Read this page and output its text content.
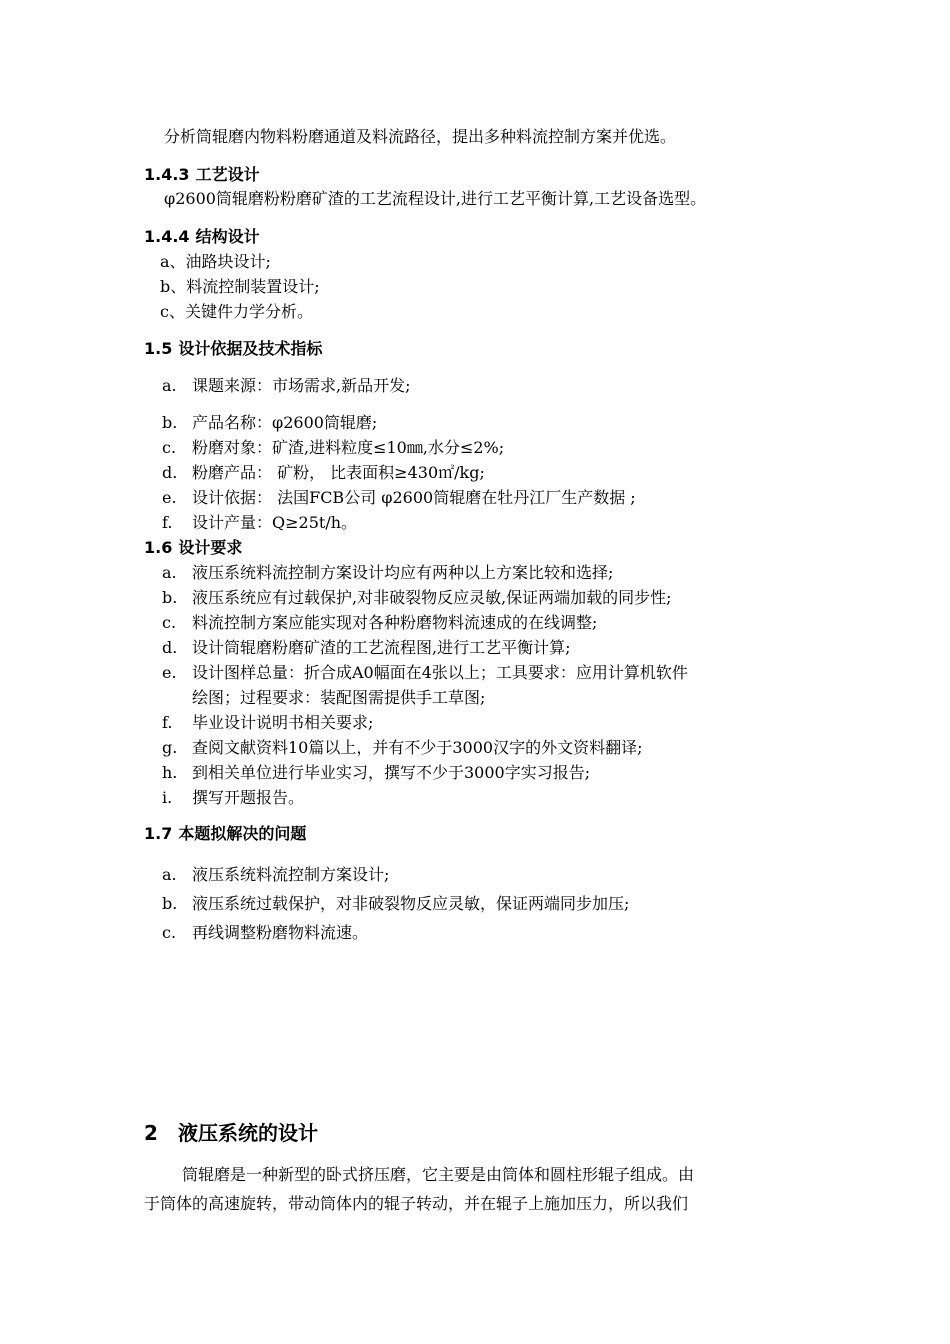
分析筒辊磨内物料粉磨通道及料流路径，提出多种料流控制方案并优选。
1.4.3 工艺设计
φ2600筒辊磨粉粉磨矿渣的工艺流程设计,进行工艺平衡计算,工艺设备选型。
1.4.4 结构设计
a、油路块设计;
b、料流控制装置设计;
c、关键件力学分析。
1.5 设计依据及技术指标
a. 课题来源：市场需求,新品开发;
b. 产品名称：φ2600筒辊磨;
c. 粉磨对象：矿渣,进料粒度≤10㎜,水分≤2%;
d. 粉磨产品： 矿粉， 比表面积≥430㎡/kg;
e. 设计依据： 法国FCB公司 φ2600筒辊磨在牡丹江厂生产数据 ;
f. 设计产量：Q≥25t/h。
1.6 设计要求
a. 液压系统料流控制方案设计均应有两种以上方案比较和选择;
b. 液压系统应有过载保护,对非破裂物反应灵敏,保证两端加载的同步性;
c. 料流控制方案应能实现对各种粉磨物料流速成的在线调整;
d. 设计筒辊磨粉磨矿渣的工艺流程图,进行工艺平衡计算;
e. 设计图样总量：折合成A0幅面在4张以上；工具要求：应用计算机软件
绘图；过程要求：装配图需提供手工草图;
f. 毕业设计说明书相关要求;
g. 查阅文献资料10篇以上，并有不少于3000汉字的外文资料翻译;
h. 到相关单位进行毕业实习，撰写不少于3000字实习报告;
i. 撰写开题报告。
1.7 本题拟解决的问题
a. 液压系统料流控制方案设计;
b. 液压系统过载保护，对非破裂物反应灵敏，保证两端同步加压;
c. 再线调整粉磨物料流速。
2 液压系统的设计
筒辊磨是一种新型的卧式挤压磨，它主要是由筒体和圆柱形辊子组成。由
于筒体的高速旋转，带动筒体内的辊子转动，并在辊子上施加压力，所以我们
